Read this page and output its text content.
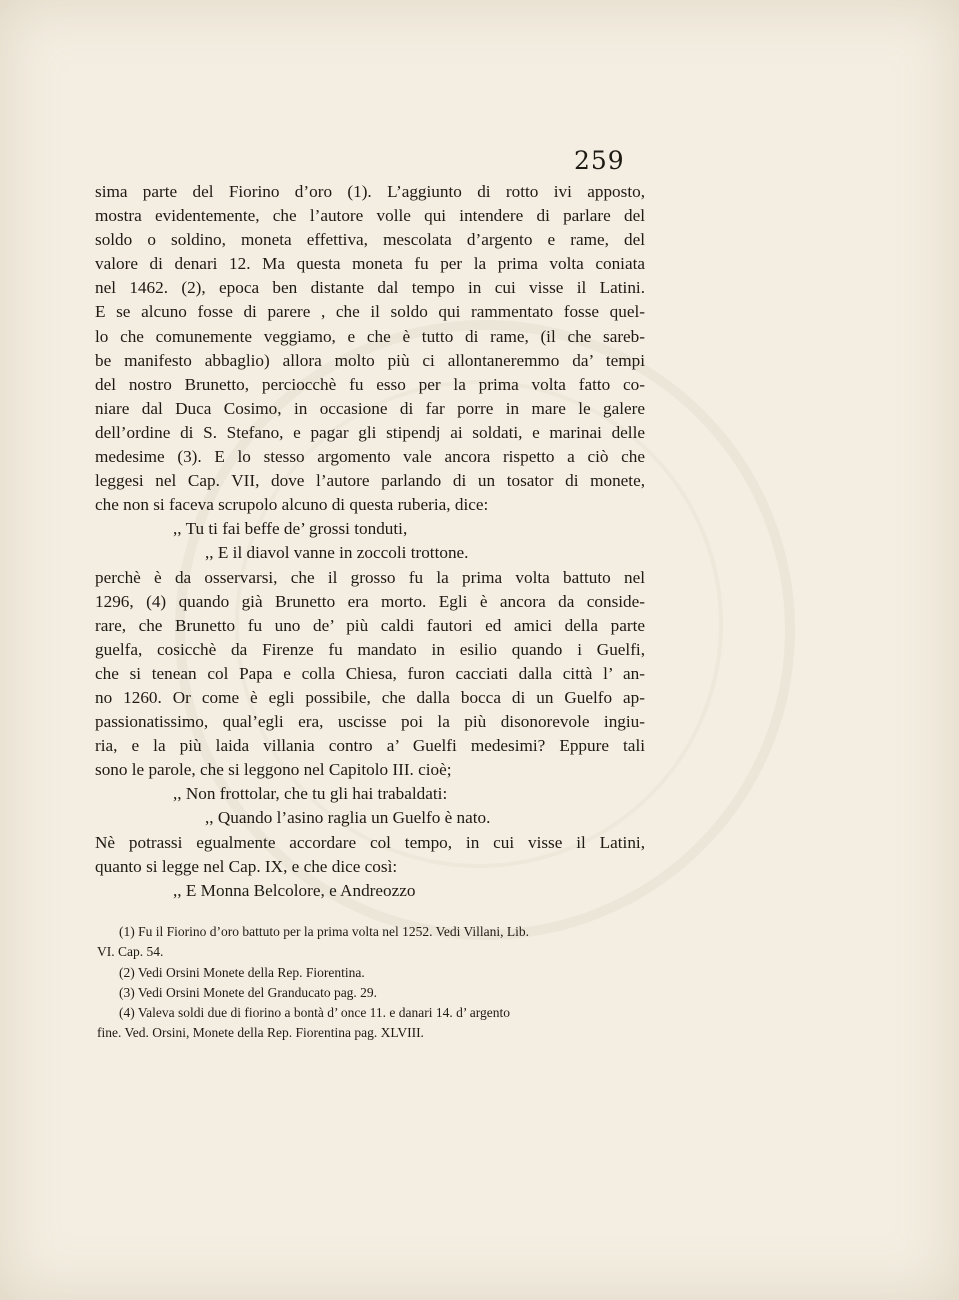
259
sima parte del Fiorino d’oro (1). L’aggiunto di rotto ivi apposto,
mostra evidentemente, che l’autore volle qui intendere di parlare del
soldo o soldino, moneta effettiva, mescolata d’argento e rame, del
valore di denari 12. Ma questa moneta fu per la prima volta coniata
nel 1462. (2), epoca ben distante dal tempo in cui visse il Latini.
E se alcuno fosse di parere , che il soldo qui rammentato fosse quel-
lo che comunemente veggiamo, e che è tutto di rame, (il che sareb-
be manifesto abbaglio) allora molto più ci allontaneremmo da’ tempi
del nostro Brunetto, perciocchè fu esso per la prima volta fatto co-
niare dal Duca Cosimo, in occasione di far porre in mare le galere
dell’ordine di S. Stefano, e pagar gli stipendj ai soldati, e marinai delle
medesime (3). E lo stesso argomento vale ancora rispetto a ciò che
leggesi nel Cap. VII, dove l’autore parlando di un tosator di monete,
che non si faceva scrupolo alcuno di questa ruberia, dice:
,, Tu ti fai beffe de’ grossi tonduti,
,, E il diavol vanne in zoccoli trottone.
perchè è da osservarsi, che il grosso fu la prima volta battuto nel
1296, (4) quando già Brunetto era morto. Egli è ancora da conside-
rare, che Brunetto fu uno de’ più caldi fautori ed amici della parte
guelfa, cosicchè da Firenze fu mandato in esilio quando i Guelfi,
che si tenean col Papa e colla Chiesa, furon cacciati dalla città l’ an-
no 1260. Or come è egli possibile, che dalla bocca di un Guelfo ap-
passionatissimo, qual’egli era, uscisse poi la più disonorevole ingiu-
ria, e la più laida villania contro a’ Guelfi medesimi? Eppure tali
sono le parole, che si leggono nel Capitolo III. cioè;
,, Non frottolar, che tu gli hai trabaldati:
,, Quando l’asino raglia un Guelfo è nato.
Nè potrassi egualmente accordare col tempo, in cui visse il Latini,
quanto si legge nel Cap. IX, e che dice così:
,, E Monna Belcolore, e Andreozzo
(1) Fu il Fiorino d’oro battuto per la prima volta nel 1252. Vedi Villani, Lib.
VI. Cap. 54.
(2) Vedi Orsini Monete della Rep. Fiorentina.
(3) Vedi Orsini Monete del Granducato pag. 29.
(4) Valeva soldi due di fiorino a bontà d’ once 11. e danari 14. d’ argento
fine. Ved. Orsini, Monete della Rep. Fiorentina pag. XLVIII.
